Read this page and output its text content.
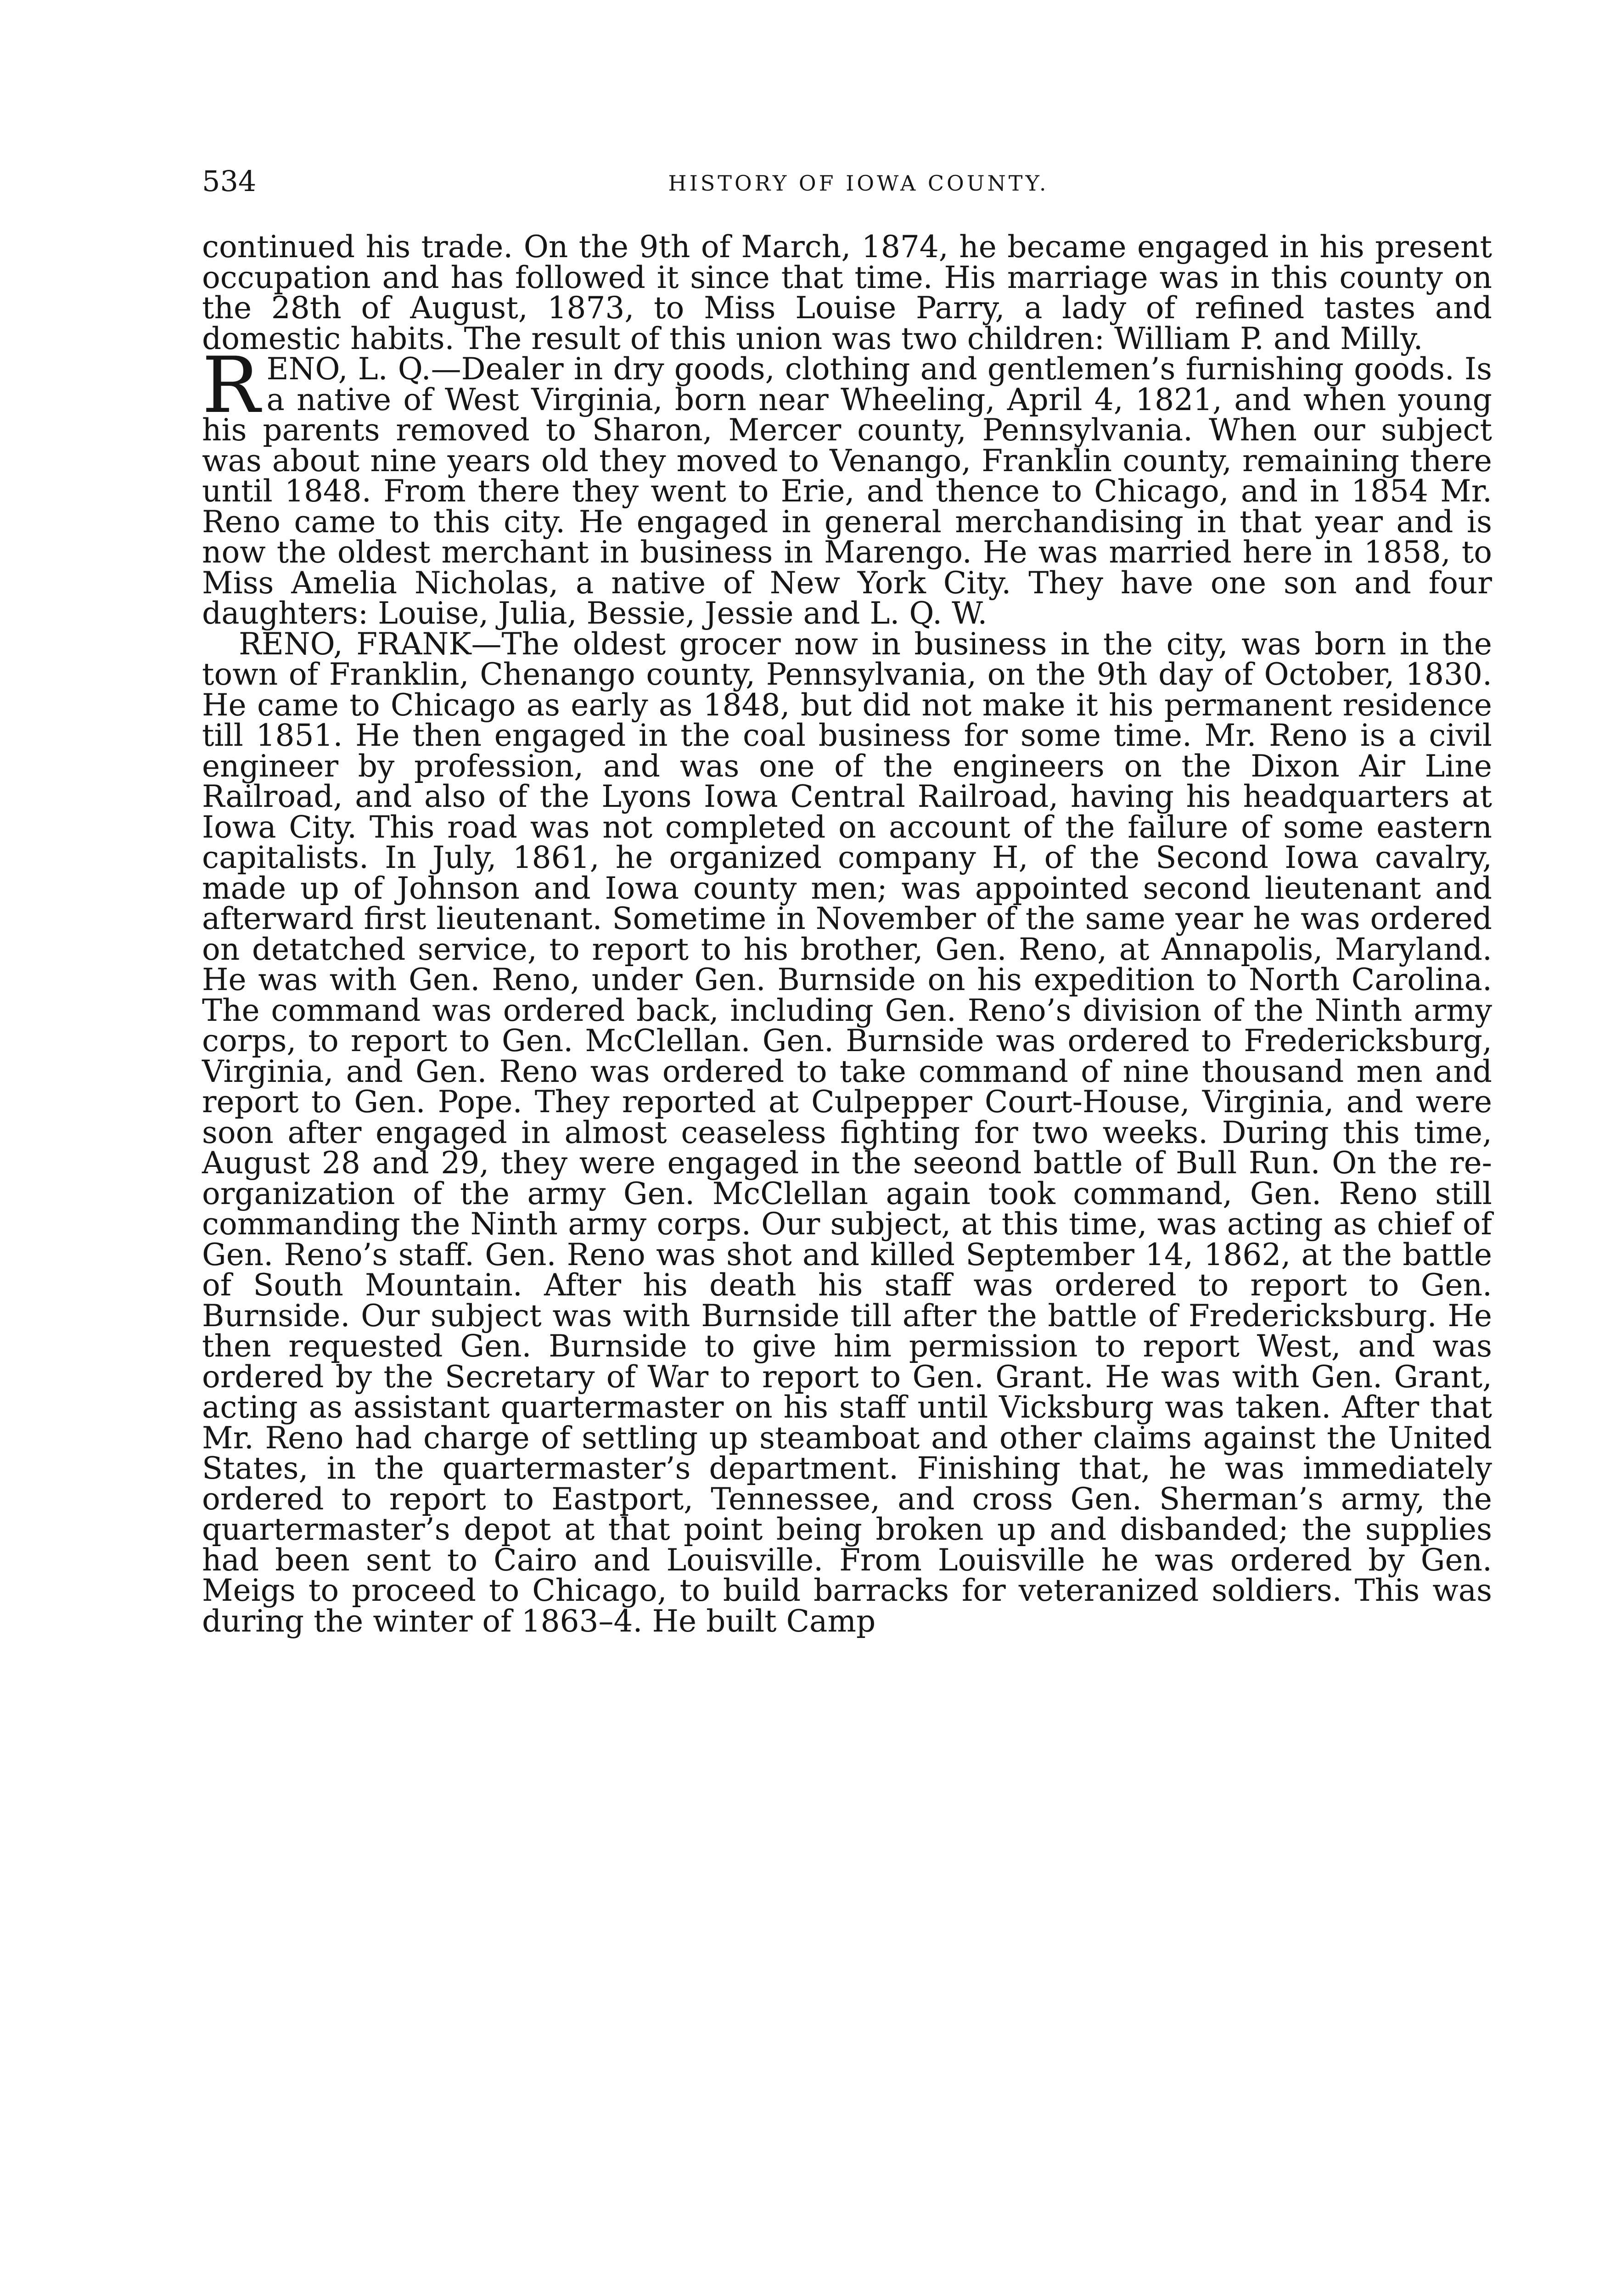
534	HISTORY OF IOWA COUNTY.

continued his trade. On the 9th of March, 1874, he became engaged in his present occupation and has followed it since that time. His marriage was in this county on the 28th of August, 1873, to Miss Louise Parry, a lady of refined tastes and domestic habits. The result of this union was two children: William P. and Milly.

RENO, L. Q.—Dealer in dry goods, clothing and gentlemen’s furnishing goods. Is a native of West Virginia, born near Wheeling, April 4, 1821, and when young his parents removed to Sharon, Mercer county, Pennsylvania. When our subject was about nine years old they moved to Venango, Franklin county, remaining there until 1848. From there they went to Erie, and thence to Chicago, and in 1854 Mr. Reno came to this city. He engaged in general merchandising in that year and is now the oldest merchant in business in Marengo. He was married here in 1858, to Miss Amelia Nicholas, a native of New York City. They have one son and four daughters: Louise, Julia, Bessie, Jessie and L. Q. W.

RENO, FRANK—The oldest grocer now in business in the city, was born in the town of Franklin, Chenango county, Pennsylvania, on the 9th day of October, 1830. He came to Chicago as early as 1848, but did not make it his permanent residence till 1851. He then engaged in the coal business for some time. Mr. Reno is a civil engineer by profession, and was one of the engineers on the Dixon Air Line Railroad, and also of the Lyons Iowa Central Railroad, having his headquarters at Iowa City. This road was not completed on account of the failure of some eastern capitalists. In July, 1861, he organized company H, of the Second Iowa cavalry, made up of Johnson and Iowa county men; was appointed second lieutenant and afterward first lieutenant. Sometime in November of the same year he was ordered on detatched service, to report to his brother, Gen. Reno, at Annapolis, Maryland. He was with Gen. Reno, under Gen. Burnside on his expedition to North Carolina. The command was ordered back, including Gen. Reno’s division of the Ninth army corps, to report to Gen. McClellan. Gen. Burnside was ordered to Fredericksburg, Virginia, and Gen. Reno was ordered to take command of nine thousand men and report to Gen. Pope. They reported at Culpepper Court-House, Virginia, and were soon after engaged in almost ceaseless fighting for two weeks. During this time, August 28 and 29, they were engaged in the seeond battle of Bull Run. On the re-organization of the army Gen. McClellan again took command, Gen. Reno still commanding the Ninth army corps. Our subject, at this time, was acting as chief of Gen. Reno’s staff. Gen. Reno was shot and killed September 14, 1862, at the battle of South Mountain. After his death his staff was ordered to report to Gen. Burnside. Our subject was with Burnside till after the battle of Fredericksburg. He then requested Gen. Burnside to give him permission to report West, and was ordered by the Secretary of War to report to Gen. Grant. He was with Gen. Grant, acting as assistant quartermaster on his staff until Vicksburg was taken. After that Mr. Reno had charge of settling up steamboat and other claims against the United States, in the quartermaster’s department. Finishing that, he was immediately ordered to report to Eastport, Tennessee, and cross Gen. Sherman’s army, the quartermaster’s depot at that point being broken up and disbanded; the supplies had been sent to Cairo and Louisville. From Louisville he was ordered by Gen. Meigs to proceed to Chicago, to build barracks for veteranized soldiers. This was during the winter of 1863–4. He built Camp
